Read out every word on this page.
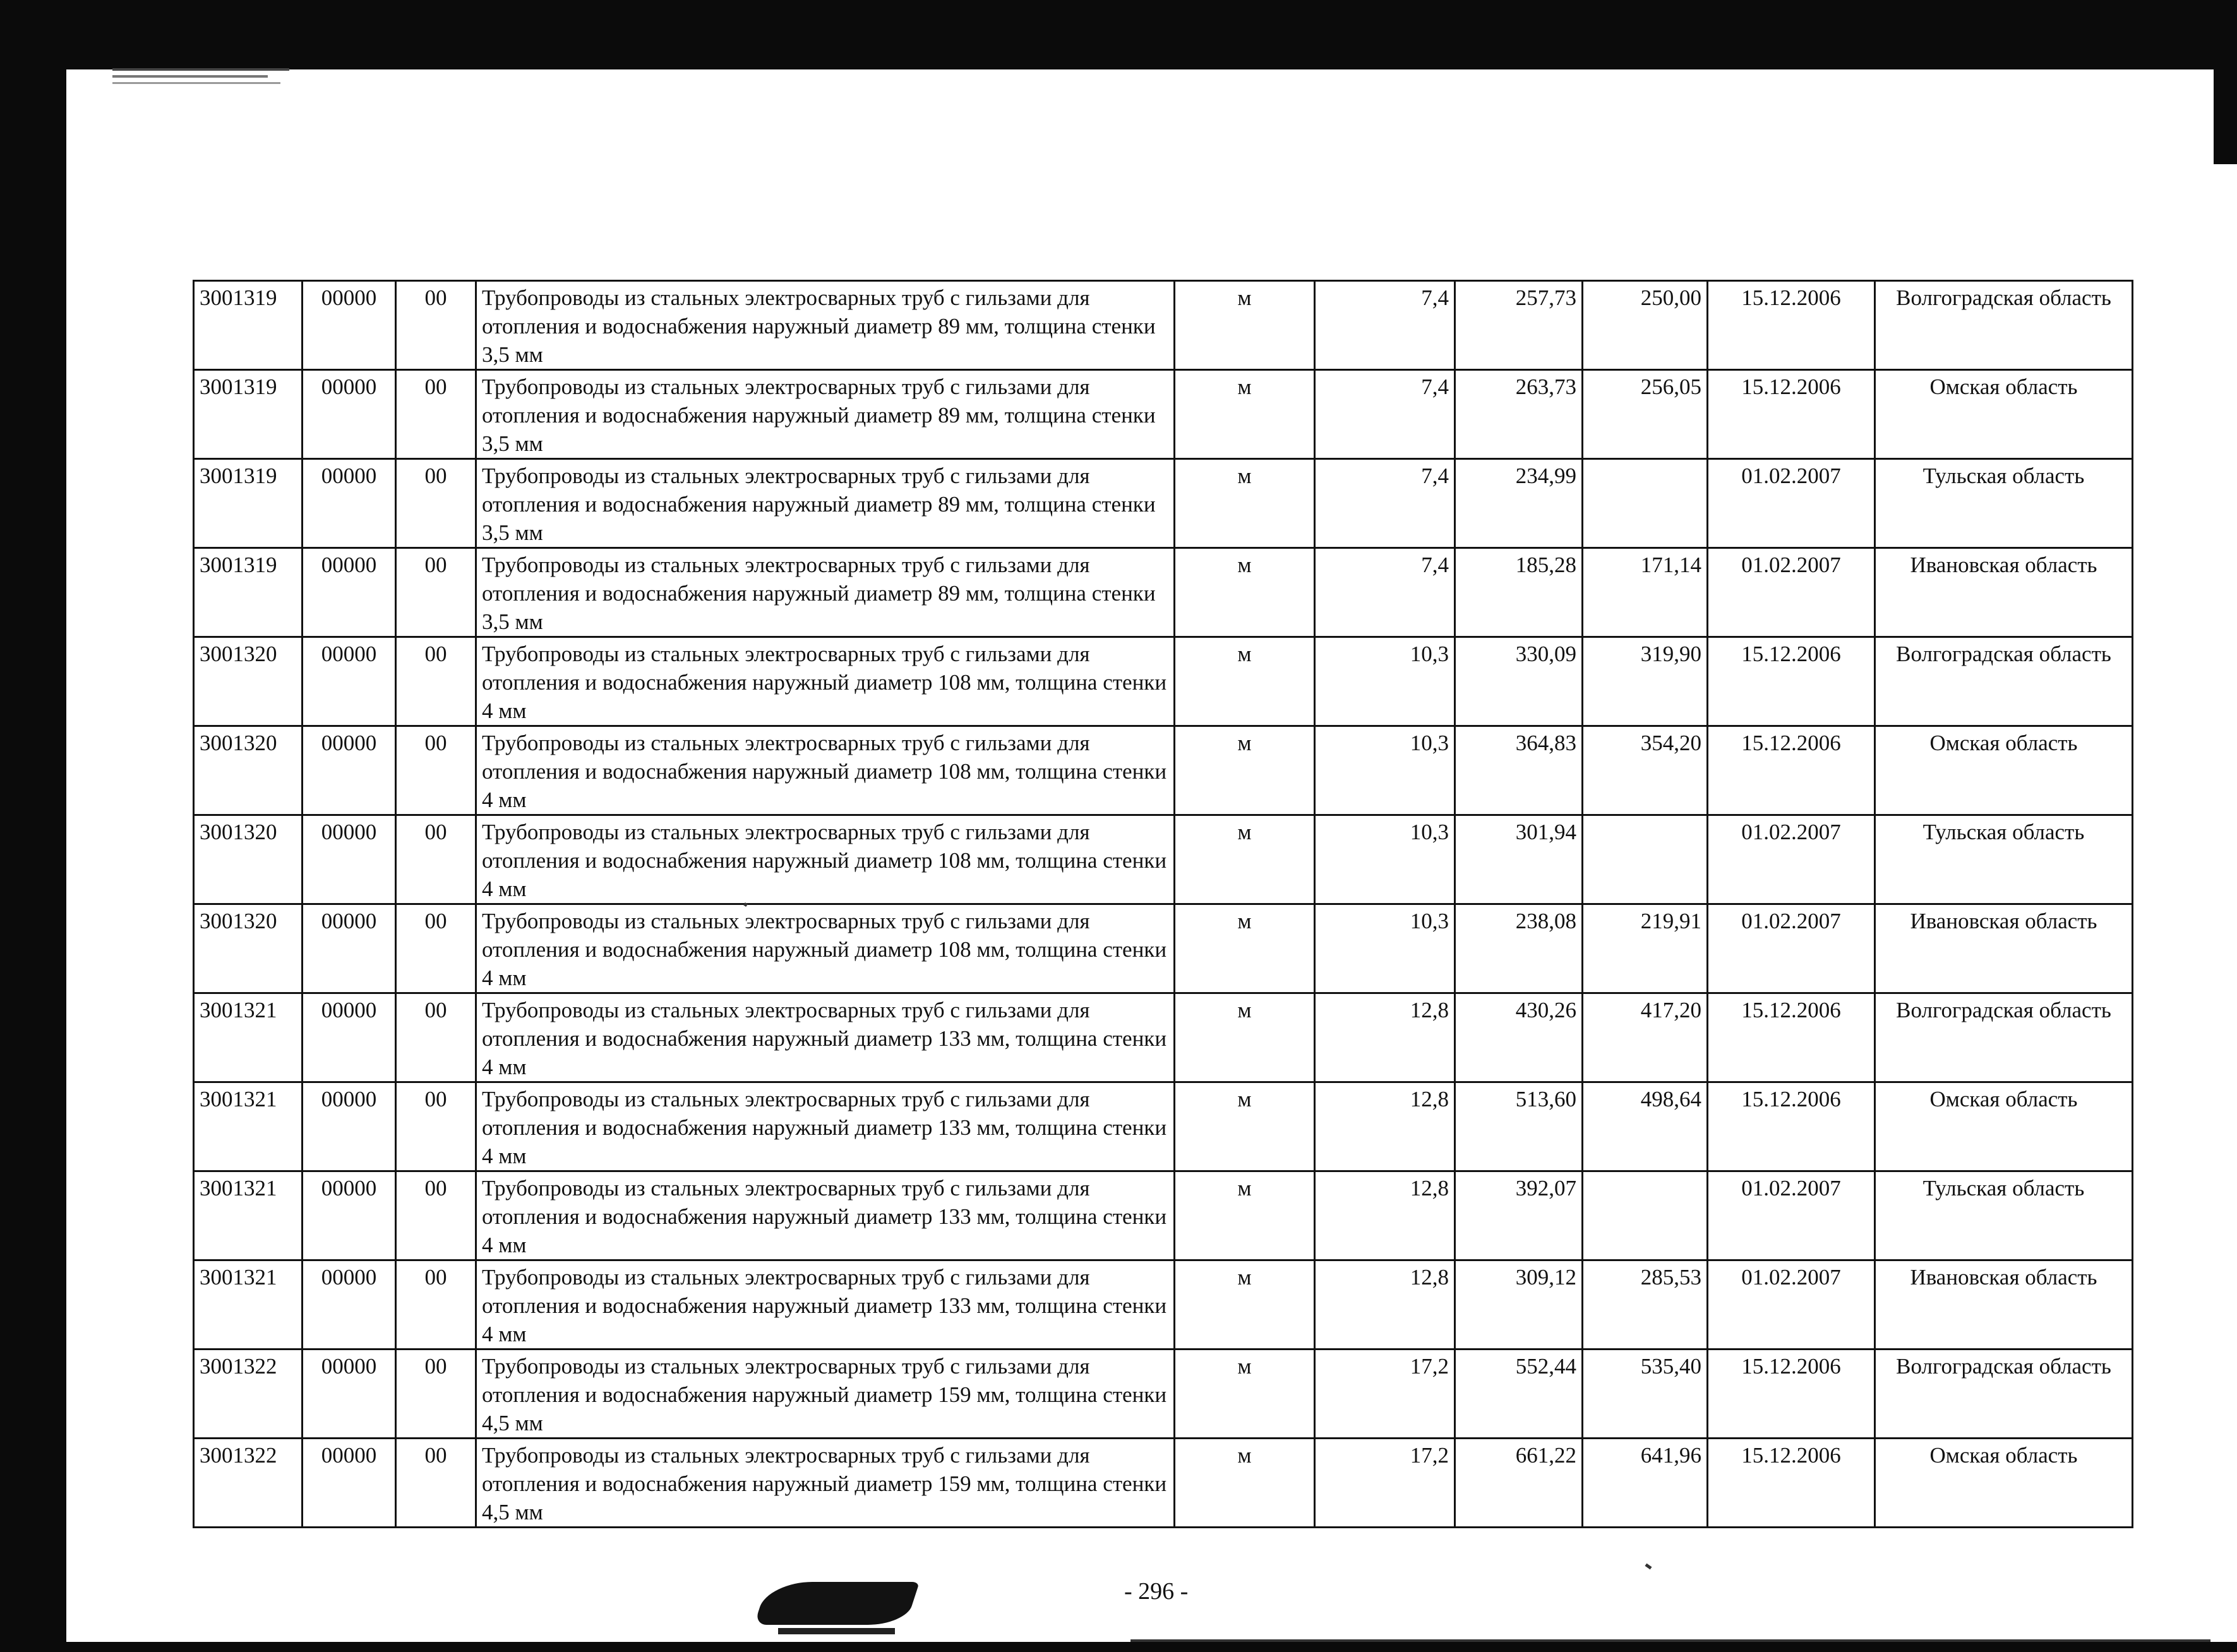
3001319	00000	00	Трубопроводы из стальных электросварных труб с гильзами для отопления и водоснабжения наружный диаметр 89 мм, толщина стенки 3,5 мм	м	7,4	257,73	250,00	15.12.2006	Волгоградская область
3001319	00000	00	Трубопроводы из стальных электросварных труб с гильзами для отопления и водоснабжения наружный диаметр 89 мм, толщина стенки 3,5 мм	м	7,4	263,73	256,05	15.12.2006	Омская область
3001319	00000	00	Трубопроводы из стальных электросварных труб с гильзами для отопления и водоснабжения наружный диаметр 89 мм, толщина стенки 3,5 мм	м	7,4	234,99		01.02.2007	Тульская область
3001319	00000	00	Трубопроводы из стальных электросварных труб с гильзами для отопления и водоснабжения наружный диаметр 89 мм, толщина стенки 3,5 мм	м	7,4	185,28	171,14	01.02.2007	Ивановская область
3001320	00000	00	Трубопроводы из стальных электросварных труб с гильзами для отопления и водоснабжения наружный диаметр 108 мм, толщина стенки 4 мм	м	10,3	330,09	319,90	15.12.2006	Волгоградская область
3001320	00000	00	Трубопроводы из стальных электросварных труб с гильзами для отопления и водоснабжения наружный диаметр 108 мм, толщина стенки 4 мм	м	10,3	364,83	354,20	15.12.2006	Омская область
3001320	00000	00	Трубопроводы из стальных электросварных труб с гильзами для отопления и водоснабжения наружный диаметр 108 мм, толщина стенки 4 мм	м	10,3	301,94		01.02.2007	Тульская область
3001320	00000	00	Трубопроводы из стальных электросварных труб с гильзами для отопления и водоснабжения наружный диаметр 108 мм, толщина стенки 4 мм	м	10,3	238,08	219,91	01.02.2007	Ивановская область
3001321	00000	00	Трубопроводы из стальных электросварных труб с гильзами для отопления и водоснабжения наружный диаметр 133 мм, толщина стенки 4 мм	м	12,8	430,26	417,20	15.12.2006	Волгоградская область
3001321	00000	00	Трубопроводы из стальных электросварных труб с гильзами для отопления и водоснабжения наружный диаметр 133 мм, толщина стенки 4 мм	м	12,8	513,60	498,64	15.12.2006	Омская область
3001321	00000	00	Трубопроводы из стальных электросварных труб с гильзами для отопления и водоснабжения наружный диаметр 133 мм, толщина стенки 4 мм	м	12,8	392,07		01.02.2007	Тульская область
3001321	00000	00	Трубопроводы из стальных электросварных труб с гильзами для отопления и водоснабжения наружный диаметр 133 мм, толщина стенки 4 мм	м	12,8	309,12	285,53	01.02.2007	Ивановская область
3001322	00000	00	Трубопроводы из стальных электросварных труб с гильзами для отопления и водоснабжения наружный диаметр 159 мм, толщина стенки 4,5 мм	м	17,2	552,44	535,40	15.12.2006	Волгоградская область
3001322	00000	00	Трубопроводы из стальных электросварных труб с гильзами для отопления и водоснабжения наружный диаметр 159 мм, толщина стенки 4,5 мм	м	17,2	661,22	641,96	15.12.2006	Омская область
- 296 -
